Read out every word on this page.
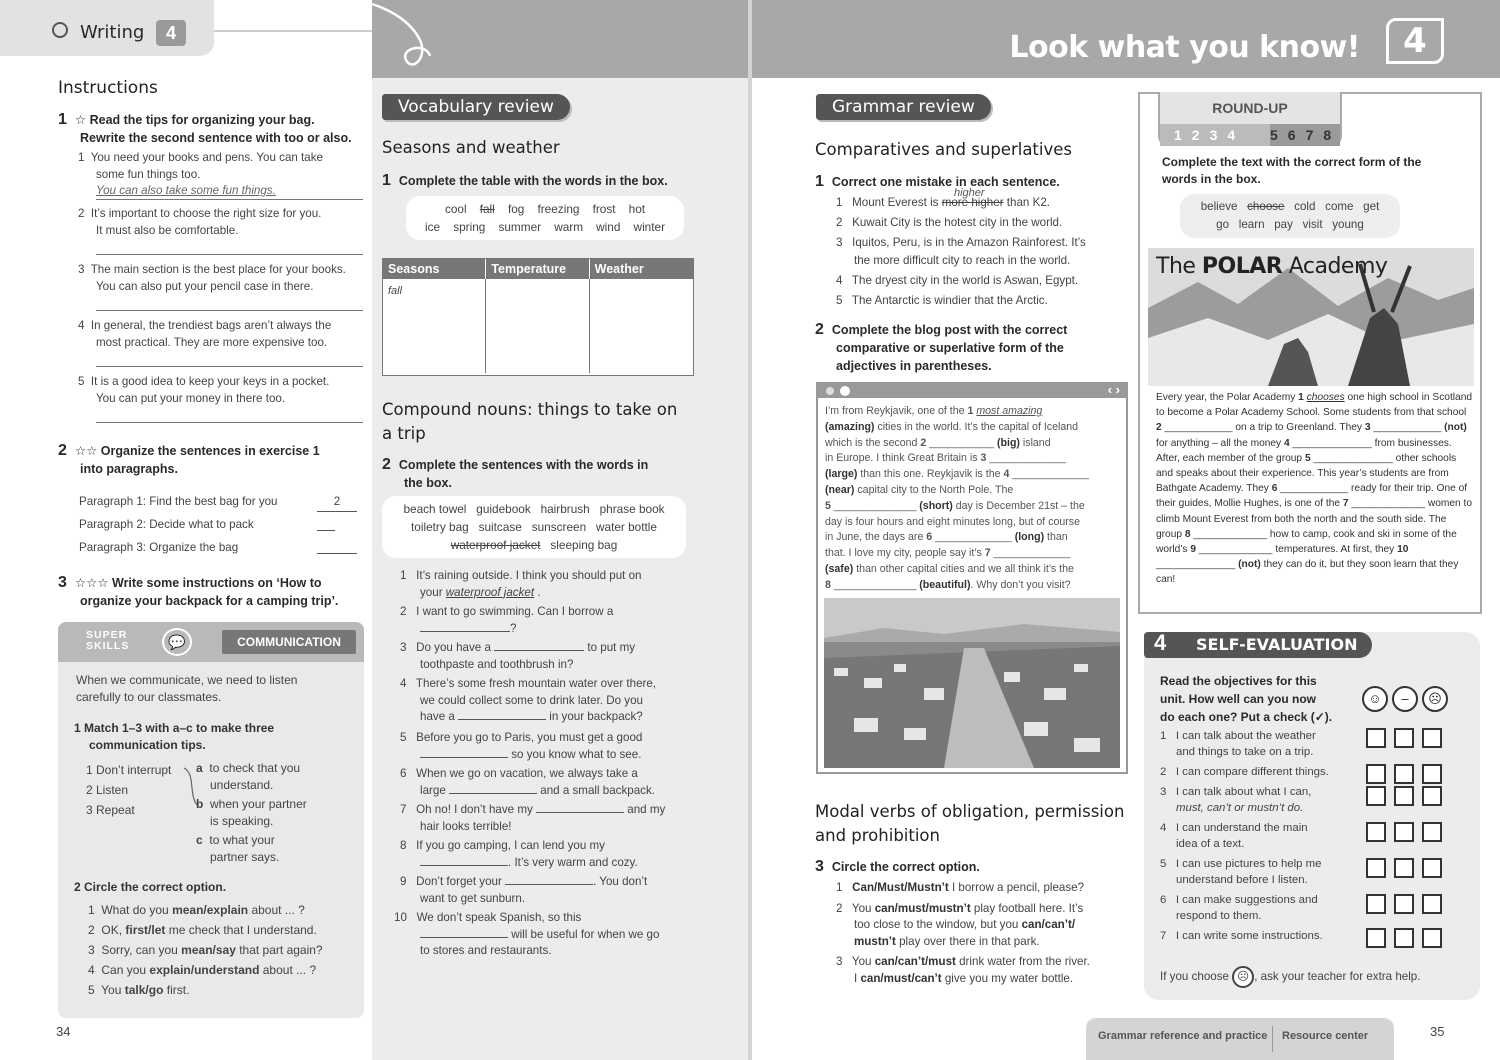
Writing	4
Instructions
1 ☆ Read the tips for organizing your bag.
Rewrite the second sentence with too or also.
1 You need your books and pens. You can take
some fun things too.
You can also take some fun things.
2 It’s important to choose the right size for you.
It must also be comfortable.
3 The main section is the best place for your books.
You can also put your pencil case in there.
4 In general, the trendiest bags aren’t always the
most practical. They are more expensive too.
5 It is a good idea to keep your keys in a pocket.
You can put your money in there too.
2 ☆☆ Organize the sentences in exercise 1
into paragraphs.
Paragraph 1: Find the best bag for you	2
Paragraph 2: Decide what to pack
Paragraph 3: Organize the bag
3 ☆☆☆ Write some instructions on ‘How to
organize your backpack for a camping trip’.
SUPER
SKILLS	💬	COMMUNICATION
When we communicate, we need to listen
carefully to our classmates.
1 Match 1–3 with a–c to make three
communication tips.
1 Don’t interrupt
2 Listen
3 Repeat
a to check that you
understand.
b when your partner
is speaking.
c to what your
partner says.
2 Circle the correct option.
1 What do you mean/explain about ... ?
2 OK, first/let me check that I understand.
3 Sorry, can you mean/say that part again?
4 Can you explain/understand about ... ?
5 You talk/go first.
34
Vocabulary review
Seasons and weather
1 Complete the table with the words in the box.
cool fall fog freezing frost hot
ice spring summer warm wind winter
Seasons	Temperature	Weather
fall
Compound nouns: things to take on
a trip
2 Complete the sentences with the words in
the box.
beach towel guidebook hairbrush phrase book
toiletry bag suitcase sunscreen water bottle
waterproof jacket sleeping bag
1 It’s raining outside. I think you should put on
your waterproof jacket .
2 I want to go swimming. Can I borrow a
?
3 Do you have a	to put my
toothpaste and toothbrush in?
4 There’s some fresh mountain water over there,
we could collect some to drink later. Do you
have a	in your backpack?
5 Before you go to Paris, you must get a good
so you know what to see.
6 When we go on vacation, we always take a
large	and a small backpack.
7 Oh no! I don’t have my	and my
hair looks terrible!
8 If you go camping, I can lend you my
. It’s very warm and cozy.
9 Don’t forget your	. You don’t
want to get sunburn.
10 We don’t speak Spanish, so this
will be useful for when we go
to stores and restaurants.
Look what you know!	4
Grammar review
Comparatives and superlatives
1 Correct one mistake in each sentence.
higher
1 Mount Everest is more higher than K2.
2 Kuwait City is the hotest city in the world.
3 Iquitos, Peru, is in the Amazon Rainforest. It’s
the more difficult city to reach in the world.
4 The dryest city in the world is Aswan, Egypt.
5 The Antarctic is windier that the Arctic.
2 Complete the blog post with the correct
comparative or superlative form of the
adjectives in parentheses.
‹ ›
I’m from Reykjavik, one of the 1 most amazing
(amazing) cities in the world. It’s the capital of Iceland
which is the second 2 ___________ (big) island
in Europe. I think Great Britain is 3 _____________
(large) than this one. Reykjavik is the 4 _____________
(near) capital city to the North Pole. The
5 ______________ (short) day is December 21st – the
day is four hours and eight minutes long, but of course
in June, the days are 6 _____________ (long) than
that. I love my city, people say it’s 7 _____________
(safe) than other capital cities and we all think it’s the
8 ______________ (beautiful). Why don’t you visit?
Modal verbs of obligation, permission
and prohibition
3 Circle the correct option.
1   Can/Must/Mustn’t I borrow a pencil, please?
2   You can/must/mustn’t play football here. It’s
too close to the window, but you can/can’t/
mustn’t play over there in that park.
3   You can/can’t/must drink water from the river.
I can/must/can’t give you my water bottle.
ROUND-UP
1234	5678
Complete the text with the correct form of the
words in the box.
believe choose cold come get
go learn pay visit young
The POLAR Academy
Every year, the Polar Academy 1 chooses one high school in Scotland to become a Polar Academy School. Some students from that school 2 ____________ on a trip to Greenland. They 3 ____________ (not) for anything – all the money 4 ______________ from businesses. After, each member of the group 5 ______________ other schools and speaks about their experience. This year’s students are from Bathgate Academy. They 6 ____________ ready for their trip. One of their guides, Mollie Hughes, is one of the 7 _____________ women to climb Mount Everest from both the north and the south side. The group 8 _____________ how to camp, cook and ski in some of the world’s 9 _____________ temperatures. At first, they 10 ______________ (not) they can do it, but they soon learn that they can!
4 SELF-EVALUATION
Read the objectives for this
unit. How well can you now
do each one? Put a check (✓).
☺	–	☹
1 I can talk about the weather
and things to take on a trip.
2 I can compare different things.
3 I can talk about what I can,
must, can’t or mustn’t do.
4 I can understand the main
idea of a text.
5 I can use pictures to help me
understand before I listen.
6 I can make suggestions and
respond to them.
7 I can write some instructions.
If you choose ☹ , ask your teacher for extra help.
Grammar reference and practice Resource center	35
